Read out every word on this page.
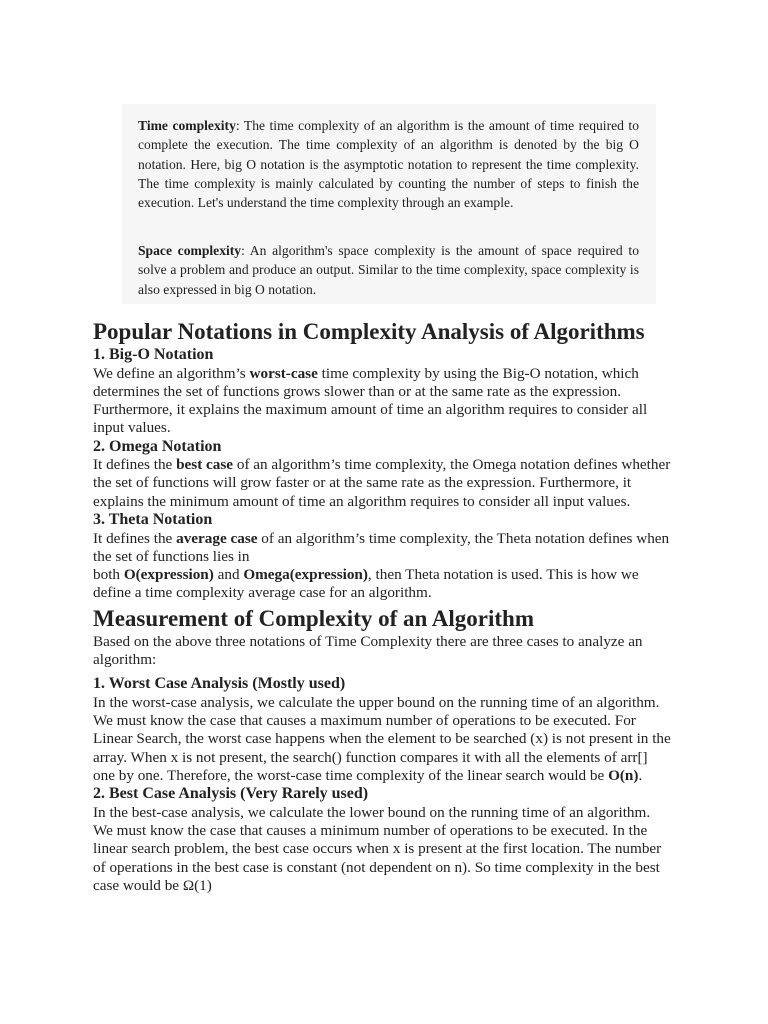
Time complexity: The time complexity of an algorithm is the amount of time required to complete the execution. The time complexity of an algorithm is denoted by the big O notation. Here, big O notation is the asymptotic notation to represent the time complexity. The time complexity is mainly calculated by counting the number of steps to finish the execution. Let's understand the time complexity through an example.

Space complexity: An algorithm's space complexity is the amount of space required to solve a problem and produce an output. Similar to the time complexity, space complexity is also expressed in big O notation.

Popular Notations in Complexity Analysis of Algorithms
1. Big-O Notation

We define an algorithm’s worst-case time complexity by using the Big-O notation, which determines the set of functions grows slower than or at the same rate as the expression. Furthermore, it explains the maximum amount of time an algorithm requires to consider all input values.

2. Omega Notation

It defines the best case of an algorithm’s time complexity, the Omega notation defines whether the set of functions will grow faster or at the same rate as the expression. Furthermore, it explains the minimum amount of time an algorithm requires to consider all input values.

3. Theta Notation

It defines the average case of an algorithm’s time complexity, the Theta notation defines when the set of functions lies in

both O(expression) and Omega(expression), then Theta notation is used. This is how we define a time complexity average case for an algorithm.

Measurement of Complexity of an Algorithm

Based on the above three notations of Time Complexity there are three cases to analyze an algorithm:

1. Worst Case Analysis (Mostly used)

In the worst-case analysis, we calculate the upper bound on the running time of an algorithm. We must know the case that causes a maximum number of operations to be executed. For Linear Search, the worst case happens when the element to be searched (x) is not present in the array. When x is not present, the search() function compares it with all the elements of arr[] one by one. Therefore, the worst-case time complexity of the linear search would be O(n).

2. Best Case Analysis (Very Rarely used)

In the best-case analysis, we calculate the lower bound on the running time of an algorithm. We must know the case that causes a minimum number of operations to be executed. In the linear search problem, the best case occurs when x is present at the first location. The number of operations in the best case is constant (not dependent on n). So time complexity in the best case would be Ω(1)
